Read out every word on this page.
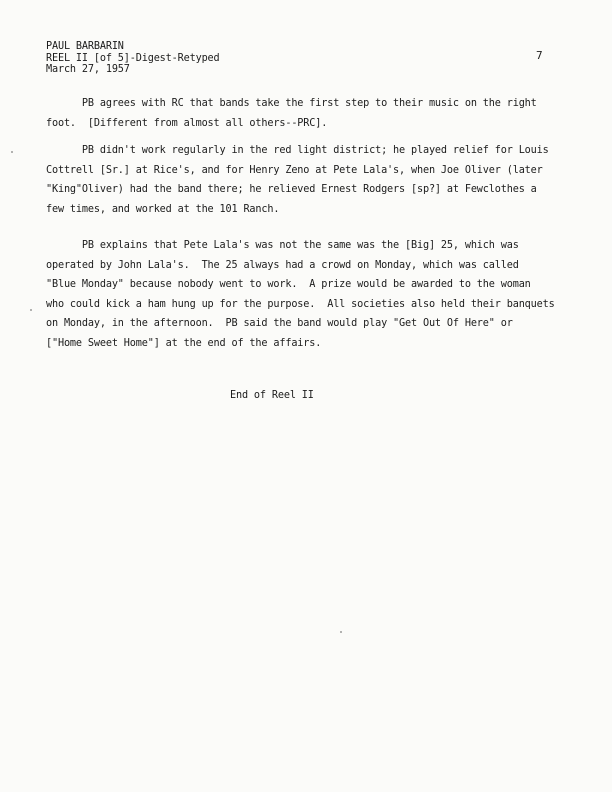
PAUL BARBARIN
REEL II [of 5]-Digest-Retyped
March 27, 1957
7
PB agrees with RC that bands take the first step to their music on the right
foot.  [Different from almost all others--PRC].
PB didn't work regularly in the red light district; he played relief for Louis
Cottrell [Sr.] at Rice's, and for Henry Zeno at Pete Lala's, when Joe Oliver (later
"King"Oliver) had the band there; he relieved Ernest Rodgers [sp?] at Fewclothes a
few times, and worked at the 101 Ranch.
PB explains that Pete Lala's was not the same was the [Big] 25, which was
operated by John Lala's.  The 25 always had a crowd on Monday, which was called
"Blue Monday" because nobody went to work.  A prize would be awarded to the woman
who could kick a ham hung up for the purpose.  All societies also held their banquets
on Monday, in the afternoon.  PB said the band would play "Get Out Of Here" or
["Home Sweet Home"] at the end of the affairs.
End of Reel II
